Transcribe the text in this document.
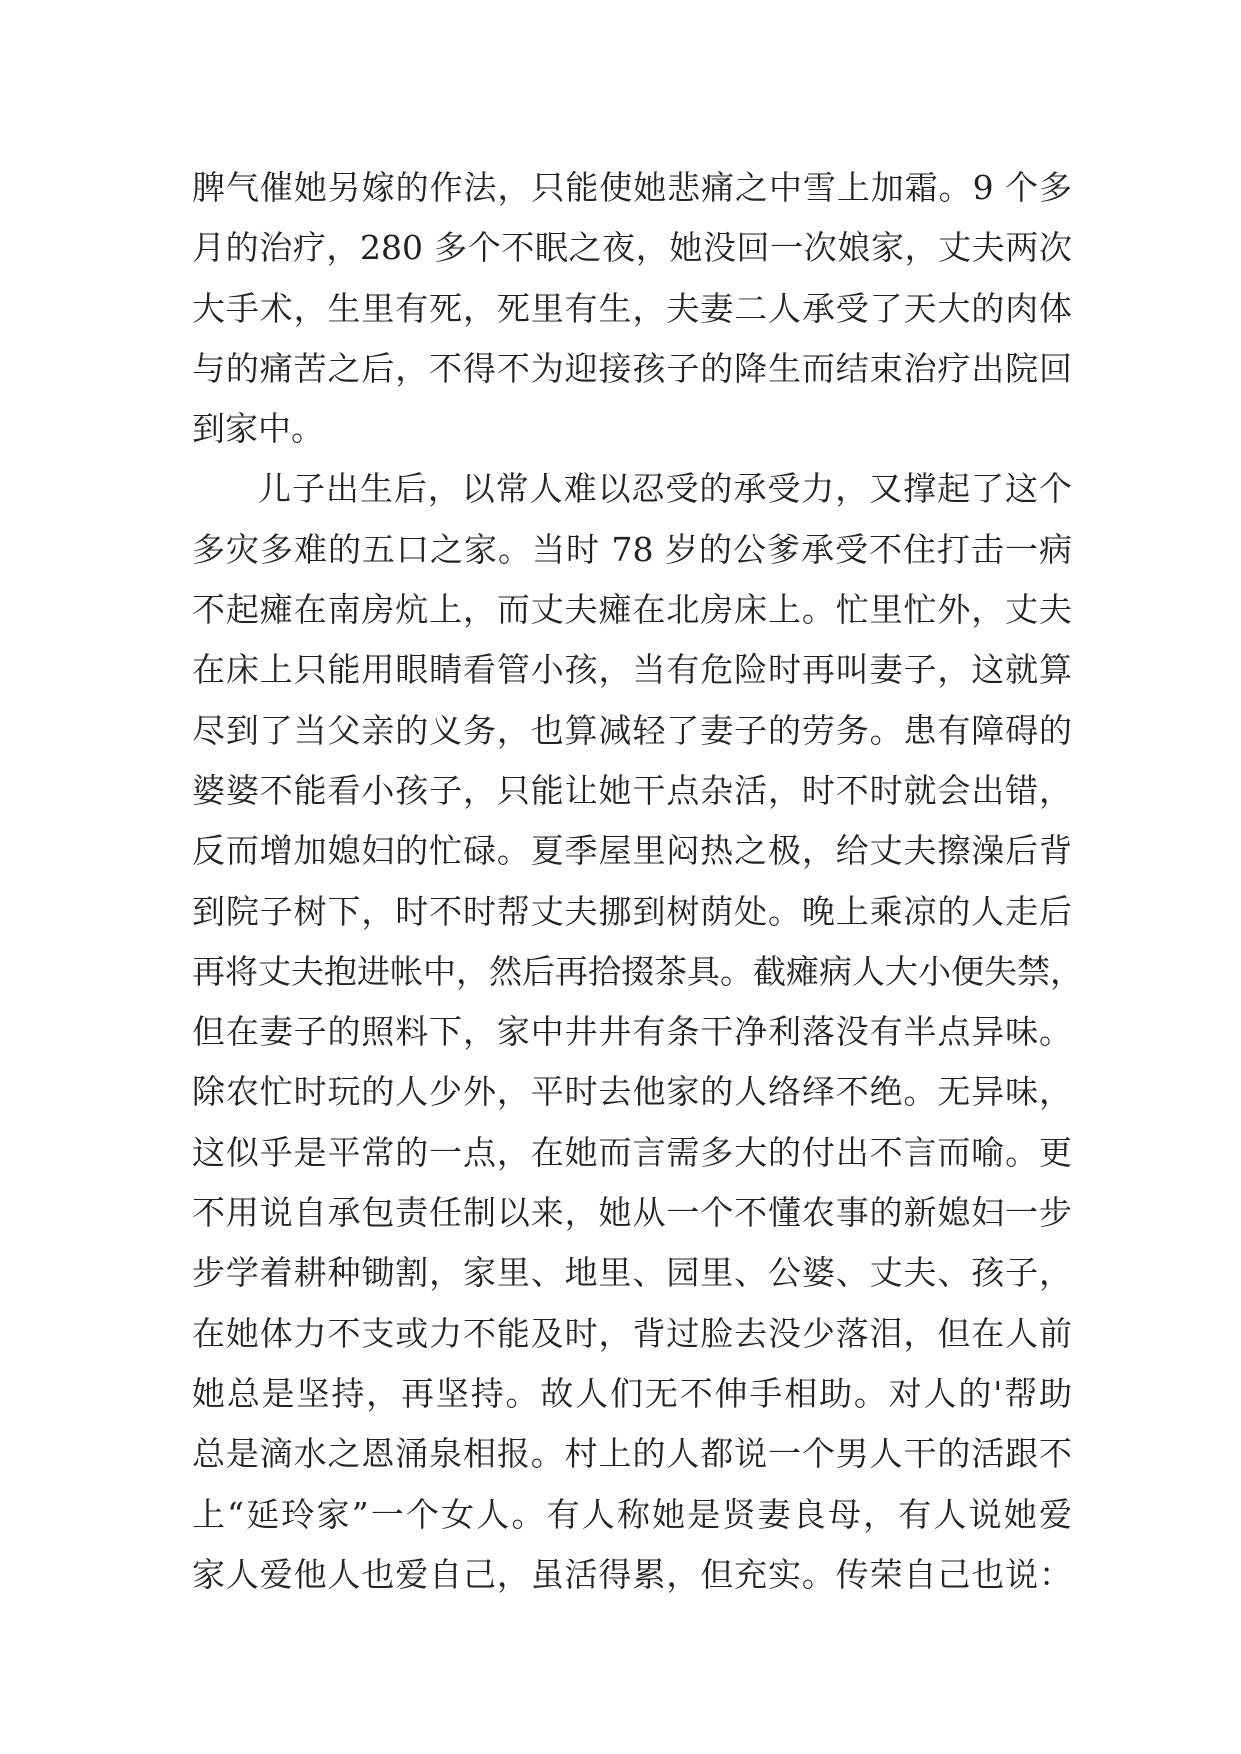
脾气催她另嫁的作法，只能使她悲痛之中雪上加霜。9 个多
月的治疗，280 多个不眠之夜，她没回一次娘家，丈夫两次
大手术，生里有死，死里有生，夫妻二人承受了天大的肉体
与的痛苦之后，不得不为迎接孩子的降生而结束治疗出院回
到家中。
儿子出生后，以常人难以忍受的承受力，又撑起了这个
多灾多难的五口之家。当时 78 岁的公爹承受不住打击一病
不起瘫在南房炕上，而丈夫瘫在北房床上。忙里忙外，丈夫
在床上只能用眼睛看管小孩，当有危险时再叫妻子，这就算
尽到了当父亲的义务，也算减轻了妻子的劳务。患有障碍的
婆婆不能看小孩子，只能让她干点杂活，时不时就会出错，
反而增加媳妇的忙碌。夏季屋里闷热之极，给丈夫擦澡后背
到院子树下，时不时帮丈夫挪到树荫处。晚上乘凉的人走后
再将丈夫抱进帐中，然后再拾掇茶具。截瘫病人大小便失禁，
但在妻子的照料下，家中井井有条干净利落没有半点异味。
除农忙时玩的人少外，平时去他家的人络绎不绝。无异味，
这似乎是平常的一点，在她而言需多大的付出不言而喻。更
不用说自承包责任制以来，她从一个不懂农事的新媳妇一步
步学着耕种锄割，家里、地里、园里、公婆、丈夫、孩子，
在她体力不支或力不能及时，背过脸去没少落泪，但在人前
她总是坚持，再坚持。故人们无不伸手相助。对人的'帮助
总是滴水之恩涌泉相报。村上的人都说一个男人干的活跟不
上“延玲家”一个女人。有人称她是贤妻良母，有人说她爱
家人爱他人也爱自己，虽活得累，但充实。传荣自己也说：
